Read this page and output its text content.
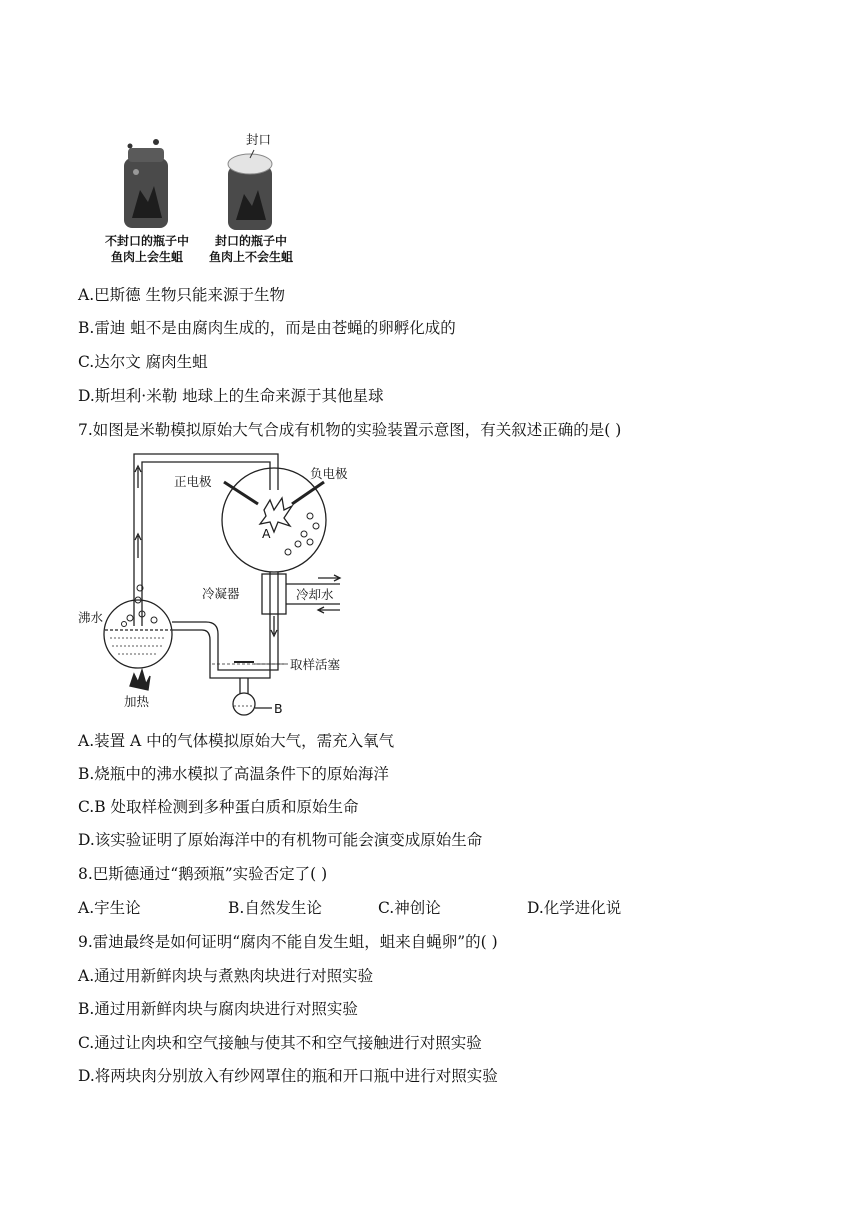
封口
不封口的瓶子中
鱼肉上会生蛆
封口的瓶子中
鱼肉上不会生蛆
A.巴斯德 生物只能来源于生物
B.雷迪 蛆不是由腐肉生成的，而是由苍蝇的卵孵化成的
C.达尔文 腐肉生蛆
D.斯坦利·米勒 地球上的生命来源于其他星球
7.如图是米勒模拟原始大气合成有机物的实验装置示意图，有关叙述正确的是( )
正电极
负电极
A
冷凝器	冷却水
沸水
加热
取样活塞
B
A.装置 A 中的气体模拟原始大气，需充入氧气
B.烧瓶中的沸水模拟了高温条件下的原始海洋
C.B 处取样检测到多种蛋白质和原始生命
D.该实验证明了原始海洋中的有机物可能会演变成原始生命
8.巴斯德通过“鹅颈瓶”实验否定了( )
A.宇生论	B.自然发生论	C.神创论	D.化学进化说
9.雷迪最终是如何证明“腐肉不能自发生蛆，蛆来自蝇卵”的( )
A.通过用新鲜肉块与煮熟肉块进行对照实验
B.通过用新鲜肉块与腐肉块进行对照实验
C.通过让肉块和空气接触与使其不和空气接触进行对照实验
D.将两块肉分别放入有纱网罩住的瓶和开口瓶中进行对照实验
